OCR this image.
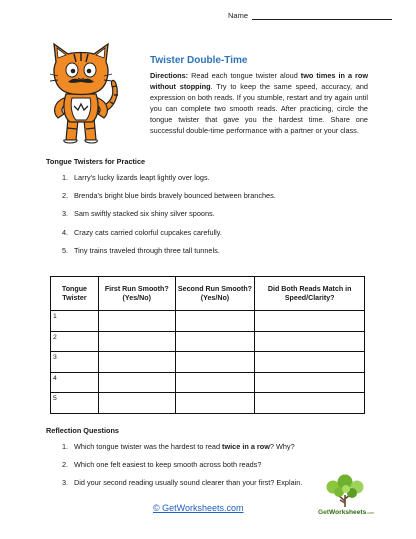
Name
Twister Double-Time
Directions: Read each tongue twister aloud two times in a row without stopping. Try to keep the same speed, accuracy, and expression on both reads. If you stumble, restart and try again until you can complete two smooth reads. After practicing, circle the tongue twister that gave you the hardest time. Share one successful double-time performance with a partner or your class.
Tongue Twisters for Practice
1. Larry's lucky lizards leapt lightly over logs.
2. Brenda's bright blue birds bravely bounced between branches.
3. Sam swiftly stacked six shiny silver spoons.
4. Crazy cats carried colorful cupcakes carefully.
5. Tiny trains traveled through three tall tunnels.
Tongue Twister	First Run Smooth? (Yes/No)	Second Run Smooth? (Yes/No)	Did Both Reads Match in Speed/Clarity?
1			
2			
3			
4			
5			
Reflection Questions
1. Which tongue twister was the hardest to read twice in a row? Why?
2. Which one felt easiest to keep smooth across both reads?
3. Did your second reading usually sound clearer than your first? Explain.
© GetWorksheets.com	GetWorksheets.com
